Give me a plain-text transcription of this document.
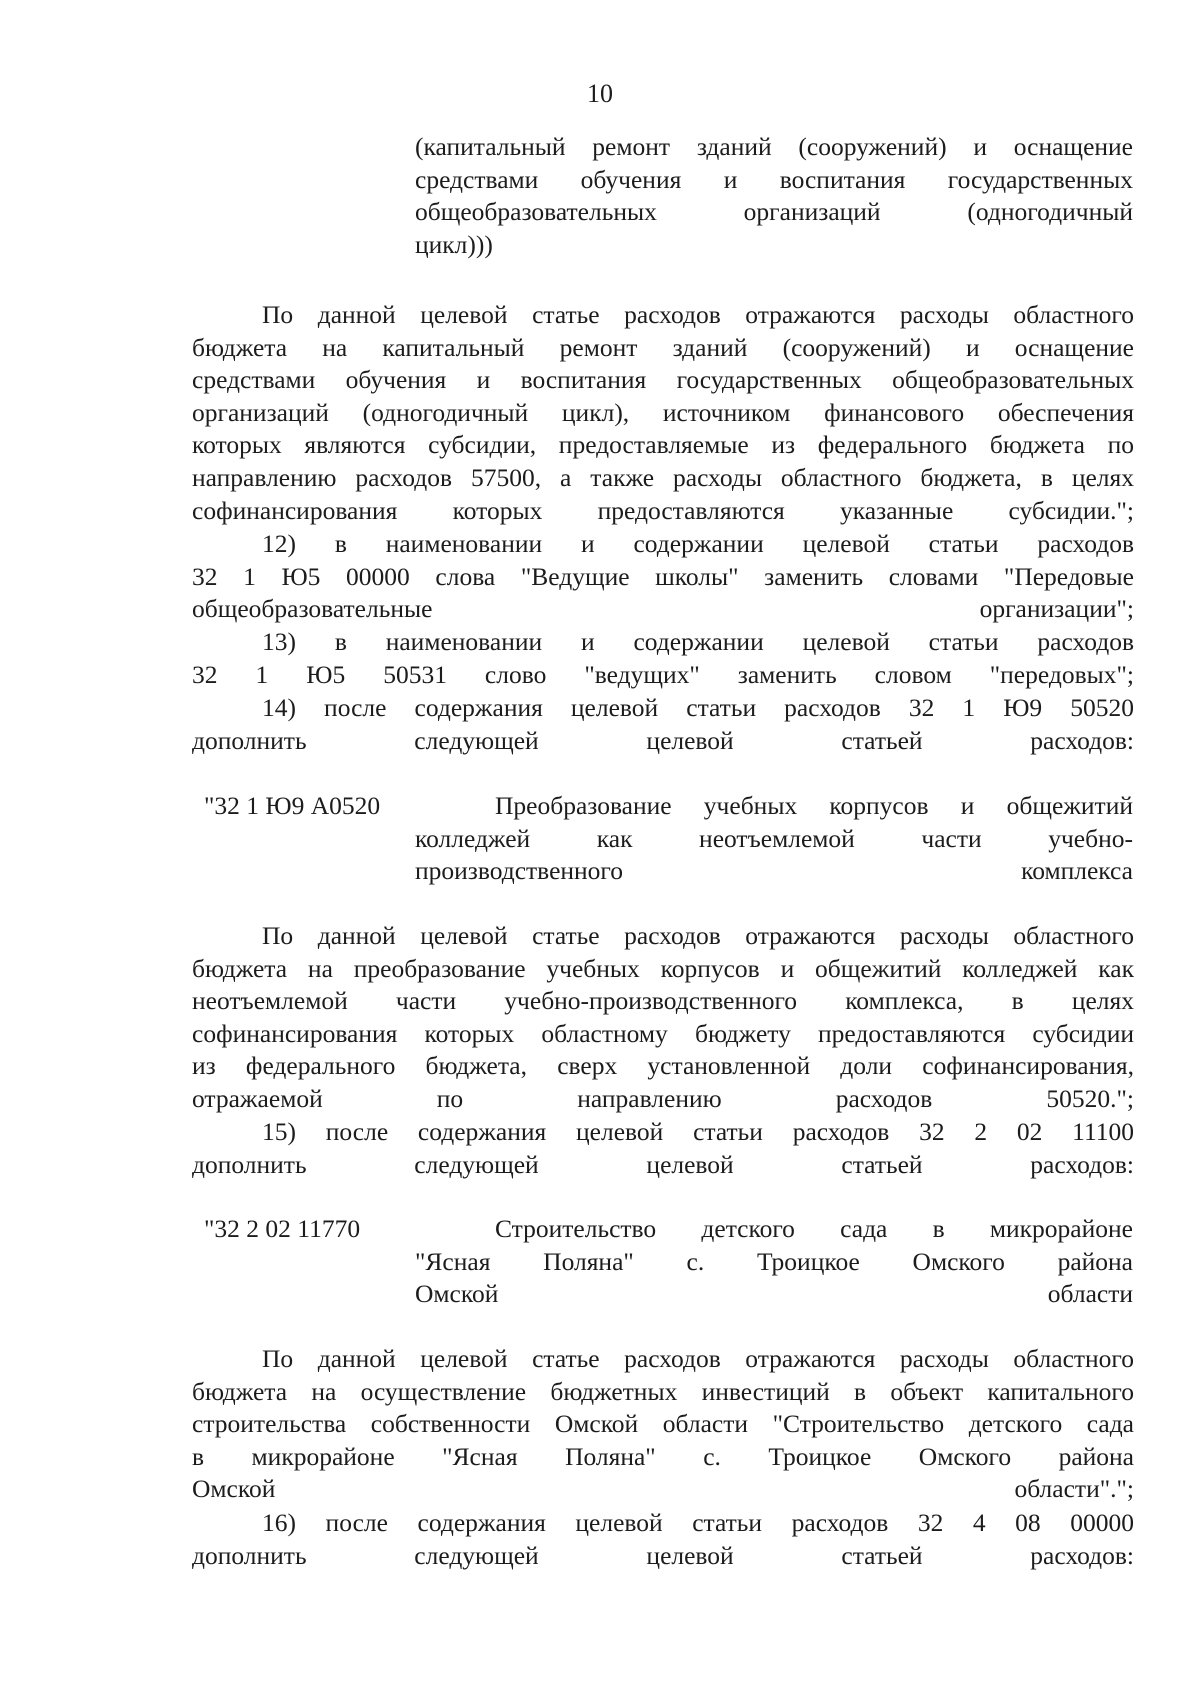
10
(капитальный ремонт зданий (сооружений) и оснащение
средствами обучения и воспитания государственных
общеобразовательных организаций (одногодичный
цикл)))
По данной целевой статье расходов отражаются расходы областного
бюджета на капитальный ремонт зданий (сооружений) и оснащение
средствами обучения и воспитания государственных общеобразовательных
организаций (одногодичный цикл), источником финансового обеспечения
которых являются субсидии, предоставляемые из федерального бюджета по
направлению расходов 57500, а также расходы областного бюджета, в целях
софинансирования которых предоставляются указанные субсидии.";
12) в наименовании и содержании целевой статьи расходов
32 1 Ю5 00000 слова "Ведущие школы" заменить словами "Передовые
общеобразовательные организации";
13) в наименовании и содержании целевой статьи расходов
32 1 Ю5 50531 слово "ведущих" заменить словом "передовых";
14) после содержания целевой статьи расходов 32 1 Ю9 50520
дополнить следующей целевой статьей расходов:
"32 1 Ю9 А0520	Преобразование учебных корпусов и общежитий
колледжей как неотъемлемой части учебно-
производственного комплекса
По данной целевой статье расходов отражаются расходы областного
бюджета на преобразование учебных корпусов и общежитий колледжей как
неотъемлемой части учебно-производственного комплекса, в целях
софинансирования которых областному бюджету предоставляются субсидии
из федерального бюджета, сверх установленной доли софинансирования,
отражаемой по направлению расходов 50520.";
15) после содержания целевой статьи расходов 32 2 02 11100
дополнить следующей целевой статьей расходов:
"32 2 02 11770	Строительство детского сада в микрорайоне
"Ясная Поляна" с. Троицкое Омского района
Омской области
По данной целевой статье расходов отражаются расходы областного
бюджета на осуществление бюджетных инвестиций в объект капитального
строительства собственности Омской области "Строительство детского сада
в микрорайоне "Ясная Поляна" с. Троицкое Омского района
Омской области".";
16) после содержания целевой статьи расходов 32 4 08 00000
дополнить следующей целевой статьей расходов:
